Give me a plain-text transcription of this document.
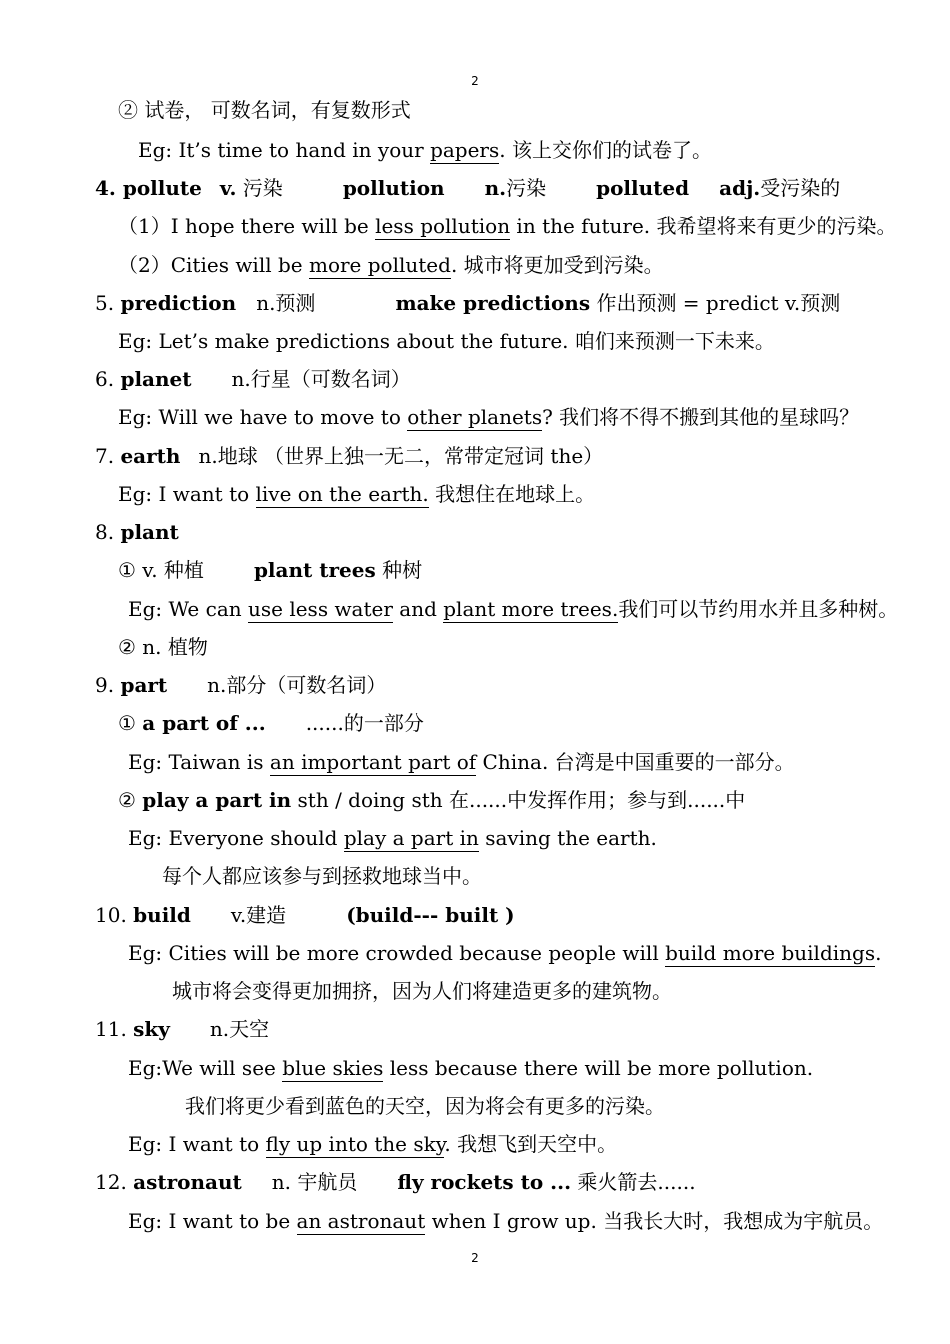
2
② 试卷， 可数名词，有复数形式
Eg: It’s time to hand in your papers. 该上交你们的试卷了。
4. pollute v. 污染	pollution n.污染	polluted adj.受污染的
（1）I hope there will be less pollution in the future. 我希望将来有更少的污染。
（2）Cities will be more polluted. 城市将更加受到污染。
5. prediction n.预测	make predictions 作出预测 = predict v.预测
Eg: Let’s make predictions about the future. 咱们来预测一下未来。
6. planet n.行星（可数名词）
Eg: Will we have to move to other planets? 我们将不得不搬到其他的星球吗？
7. earth n.地球 （世界上独一无二，常带定冠词 the）
Eg: I want to live on the earth. 我想住在地球上。
8. plant
① v. 种植	plant trees 种树
Eg: We can use less water and plant more trees.我们可以节约用水并且多种树。
② n. 植物
9. part n.部分（可数名词）
① a part of ... ......的一部分
Eg: Taiwan is an important part of China. 台湾是中国重要的一部分。
② play a part in sth / doing sth 在......中发挥作用；参与到......中
Eg: Everyone should play a part in saving the earth.
每个人都应该参与到拯救地球当中。
10. build v.建造	(build--- built )
Eg: Cities will be more crowded because people will build more buildings.
城市将会变得更加拥挤，因为人们将建造更多的建筑物。
11. sky n.天空
Eg:We will see blue skies less because there will be more pollution.
我们将更少看到蓝色的天空，因为将会有更多的污染。
Eg: I want to fly up into the sky. 我想飞到天空中。
12. astronaut n. 宇航员 fly rockets to ... 乘火箭去......
Eg: I want to be an astronaut when I grow up. 当我长大时，我想成为宇航员。
2
